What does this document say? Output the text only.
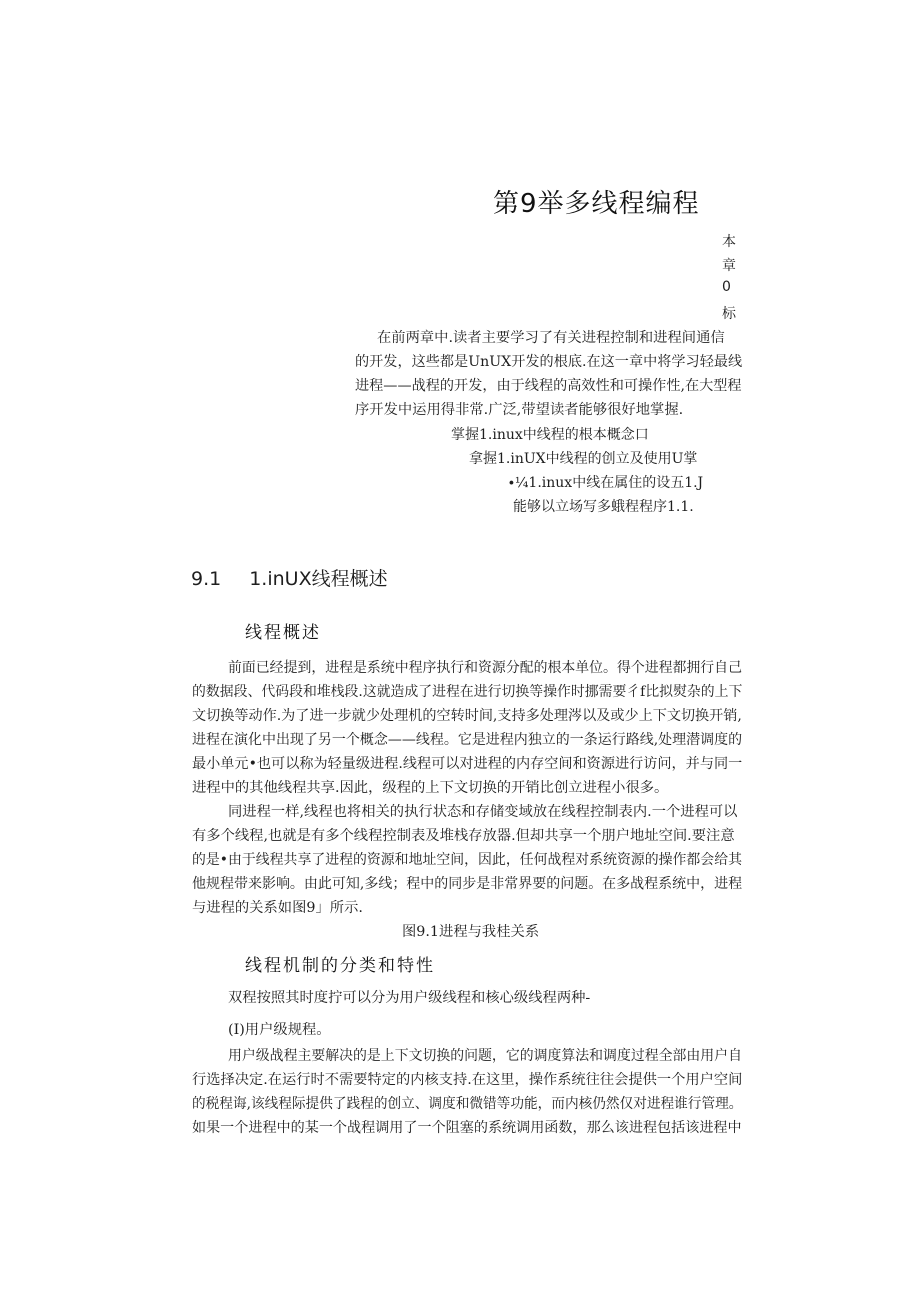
第9举多线程编程
本
章
0
标
在前两章中.读者主要学习了有关进程控制和进程间通信
的开发，这些都是UnUX开发的根底.在这一章中将学习轻最线
进程——战程的开发，由于线程的高效性和可操作性,在大型程
序开发中运用得非常.广泛,带望读者能够很好地掌握.
掌握1.inux中线程的根本概念口
拿握1.inUX中线程的创立及使用U掌
∙¼1.inux中线在属住的设五1.J
能够以立场写多蛾程程序1.1.
9.1 1.inUX线程概述
线程概述
前面已经提到，进程是系统中程序执行和资源分配的根本单位。得个进程都拥行自己
的数据段、代码段和堆栈段.这就造成了进程在进行切换等操作时挪需要彳f比拟熨杂的上下
文切换等动作.为了进一步就少处理机的空转时间,支持多处理涔以及或少上下文切换开销,
进程在演化中出现了另一个概念——线程。它是进程内独立的一条运行路线,处理潜调度的
最小单元•也可以称为轻量级进程.线程可以对进程的内存空间和资源进行访问，并与同一
进程中的其他线程共享.因此，级程的上下文切换的开销比创立进程小很多。
同进程一样,线程也将相关的执行状态和存储变域放在线程控制表内.一个进程可以
有多个线程,也就是有多个线程控制表及堆栈存放器.但却共享一个朋户地址空间.要注意
的是•由于线程共享了进程的资源和地址空间，因此，任何战程对系统资源的操作都会给其
他规程带来影响。由此可知,多线；程中的同步是非常界要的问题。在多战程系统中，进程
与进程的关系如图9」所示.
图9.1进程与我桂关系
线程机制的分类和特性
双程按照其时度拧可以分为用户级线程和核心级线程两种-
(I)用户级规程。
用户级战程主要解决的是上下文切换的问题，它的调度算法和调度过程全部由用户自
行选择决定.在运行时不需要特定的内核支持.在这里，操作系统往往会提供一个用户空间
的税程诲,该线程际提供了践程的创立、调度和微错等功能，而内核仍然仅对进程谁行管理。
如果一个进程中的某一个战程调用了一个阻塞的系统调用函数，那么该进程包括该进程中
